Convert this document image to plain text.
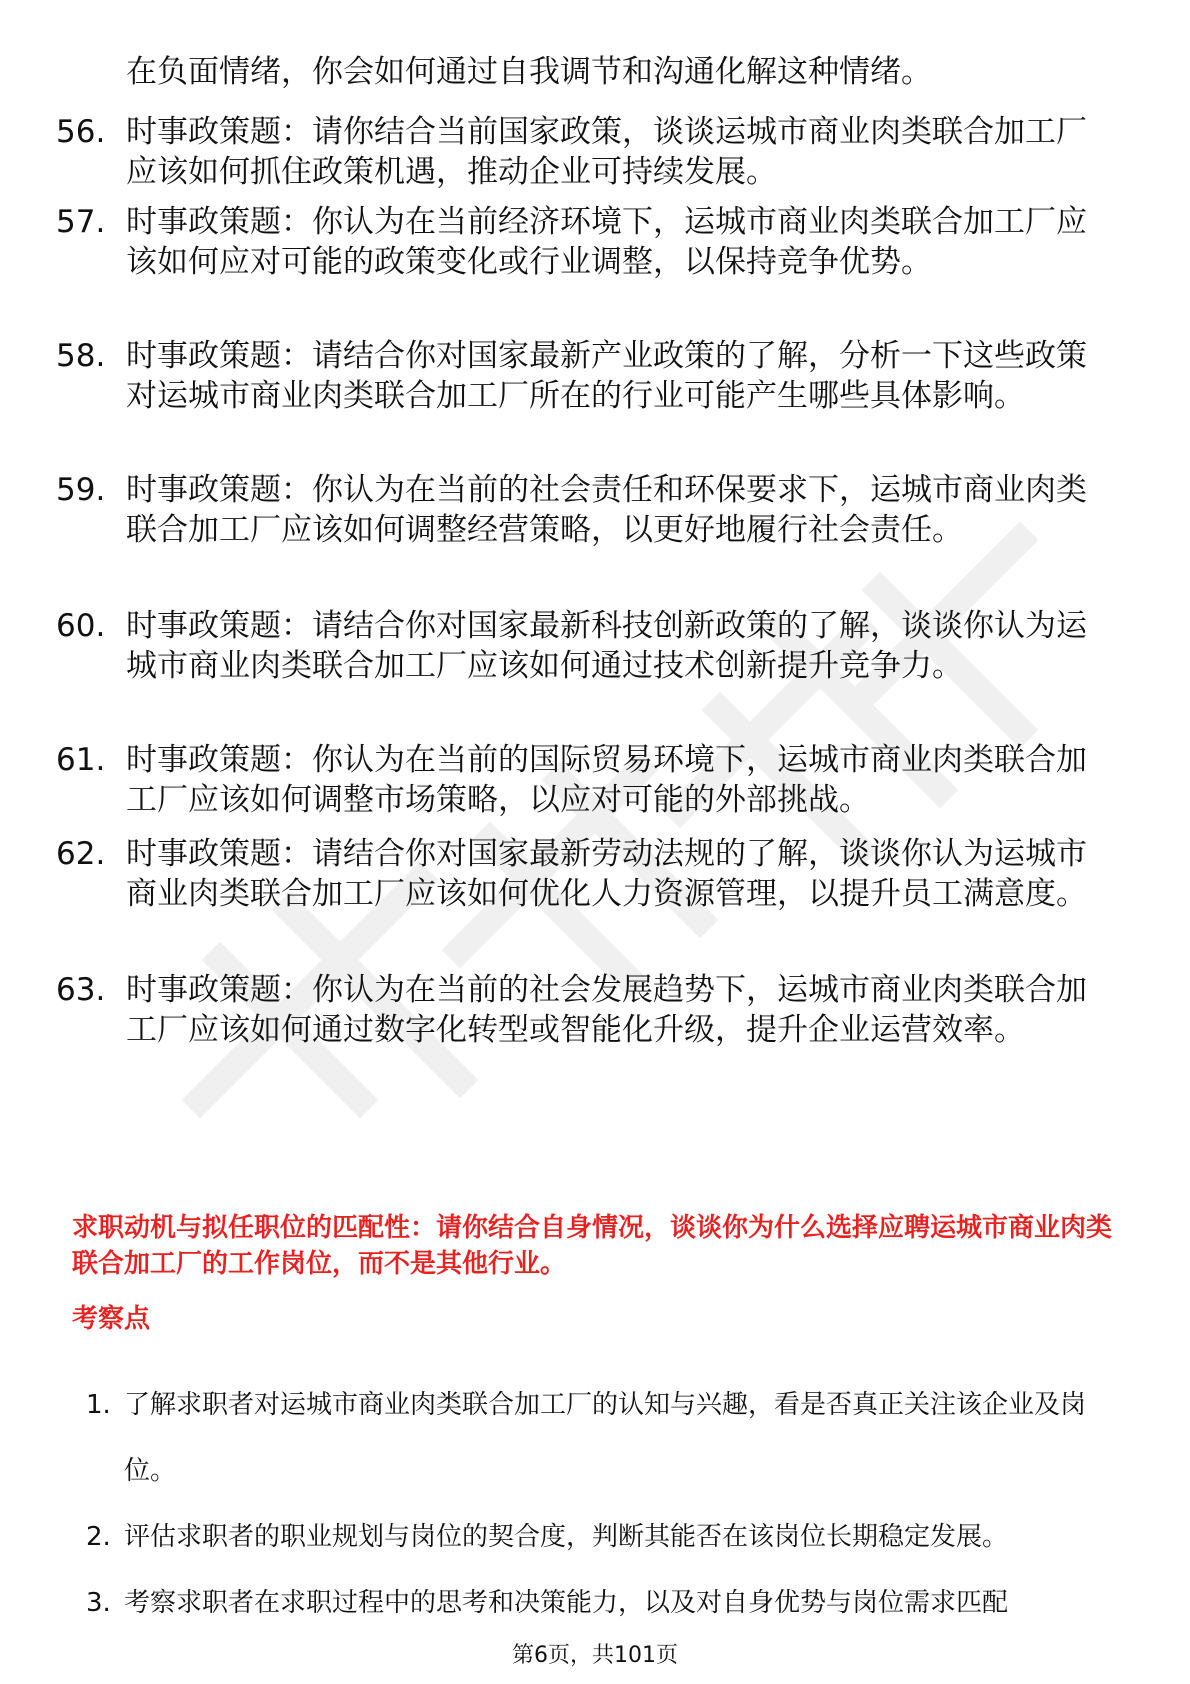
在负面情绪，你会如何通过自我调节和沟通化解这种情绪。
56. 时事政策题：请你结合当前国家政策，谈谈运城市商业肉类联合加工厂应该如何抓住政策机遇，推动企业可持续发展。
57. 时事政策题：你认为在当前经济环境下，运城市商业肉类联合加工厂应该如何应对可能的政策变化或行业调整，以保持竞争优势。
58. 时事政策题：请结合你对国家最新产业政策的了解，分析一下这些政策对运城市商业肉类联合加工厂所在的行业可能产生哪些具体影响。
59. 时事政策题：你认为在当前的社会责任和环保要求下，运城市商业肉类联合加工厂应该如何调整经营策略，以更好地履行社会责任。
60. 时事政策题：请结合你对国家最新科技创新政策的了解，谈谈你认为运城市商业肉类联合加工厂应该如何通过技术创新提升竞争力。
61. 时事政策题：你认为在当前的国际贸易环境下，运城市商业肉类联合加工厂应该如何调整市场策略，以应对可能的外部挑战。
62. 时事政策题：请结合你对国家最新劳动法规的了解，谈谈你认为运城市商业肉类联合加工厂应该如何优化人力资源管理，以提升员工满意度。
63. 时事政策题：你认为在当前的社会发展趋势下，运城市商业肉类联合加工厂应该如何通过数字化转型或智能化升级，提升企业运营效率。
求职动机与拟任职位的匹配性：请你结合自身情况，谈谈你为什么选择应聘运城市商业肉类联合加工厂的工作岗位，而不是其他行业。
考察点
1. 了解求职者对运城市商业肉类联合加工厂的认知与兴趣，看是否真正关注该企业及岗位。
2. 评估求职者的职业规划与岗位的契合度，判断其能否在该岗位长期稳定发展。
3. 考察求职者在求职过程中的思考和决策能力，以及对自身优势与岗位需求匹配
第6页，共101页
